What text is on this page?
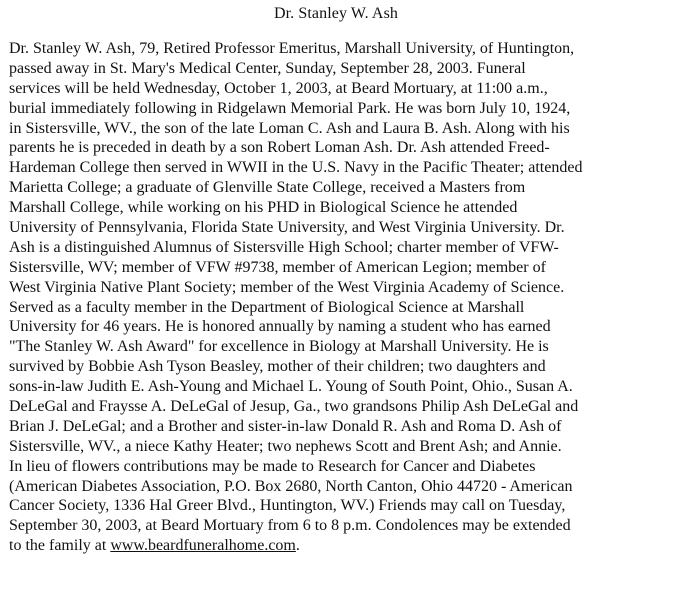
Dr. Stanley W. Ash
Dr. Stanley W. Ash, 79, Retired Professor Emeritus, Marshall University, of Huntington,
passed away in St. Mary's Medical Center, Sunday, September 28, 2003. Funeral
services will be held Wednesday, October 1, 2003, at Beard Mortuary, at 11:00 a.m.,
burial immediately following in Ridgelawn Memorial Park. He was born July 10, 1924,
in Sistersville, WV., the son of the late Loman C. Ash and Laura B. Ash. Along with his
parents he is preceded in death by a son Robert Loman Ash. Dr. Ash attended Freed-
Hardeman College then served in WWII in the U.S. Navy in the Pacific Theater; attended
Marietta College; a graduate of Glenville State College, received a Masters from
Marshall College, while working on his PHD in Biological Science he attended
University of Pennsylvania, Florida State University, and West Virginia University. Dr.
Ash is a distinguished Alumnus of Sistersville High School; charter member of VFW-
Sistersville, WV; member of VFW #9738, member of American Legion; member of
West Virginia Native Plant Society; member of the West Virginia Academy of Science.
Served as a faculty member in the Department of Biological Science at Marshall
University for 46 years. He is honored annually by naming a student who has earned
"The Stanley W. Ash Award" for excellence in Biology at Marshall University. He is
survived by Bobbie Ash Tyson Beasley, mother of their children; two daughters and
sons-in-law Judith E. Ash-Young and Michael L. Young of South Point, Ohio., Susan A.
DeLeGal and Fraysse A. DeLeGal of Jesup, Ga., two grandsons Philip Ash DeLeGal and
Brian J. DeLeGal; and a Brother and sister-in-law Donald R. Ash and Roma D. Ash of
Sistersville, WV., a niece Kathy Heater; two nephews Scott and Brent Ash; and Annie.
In lieu of flowers contributions may be made to Research for Cancer and Diabetes
(American Diabetes Association, P.O. Box 2680, North Canton, Ohio 44720 - American
Cancer Society, 1336 Hal Greer Blvd., Huntington, WV.) Friends may call on Tuesday,
September 30, 2003, at Beard Mortuary from 6 to 8 p.m. Condolences may be extended
to the family at www.beardfuneralhome.com.
